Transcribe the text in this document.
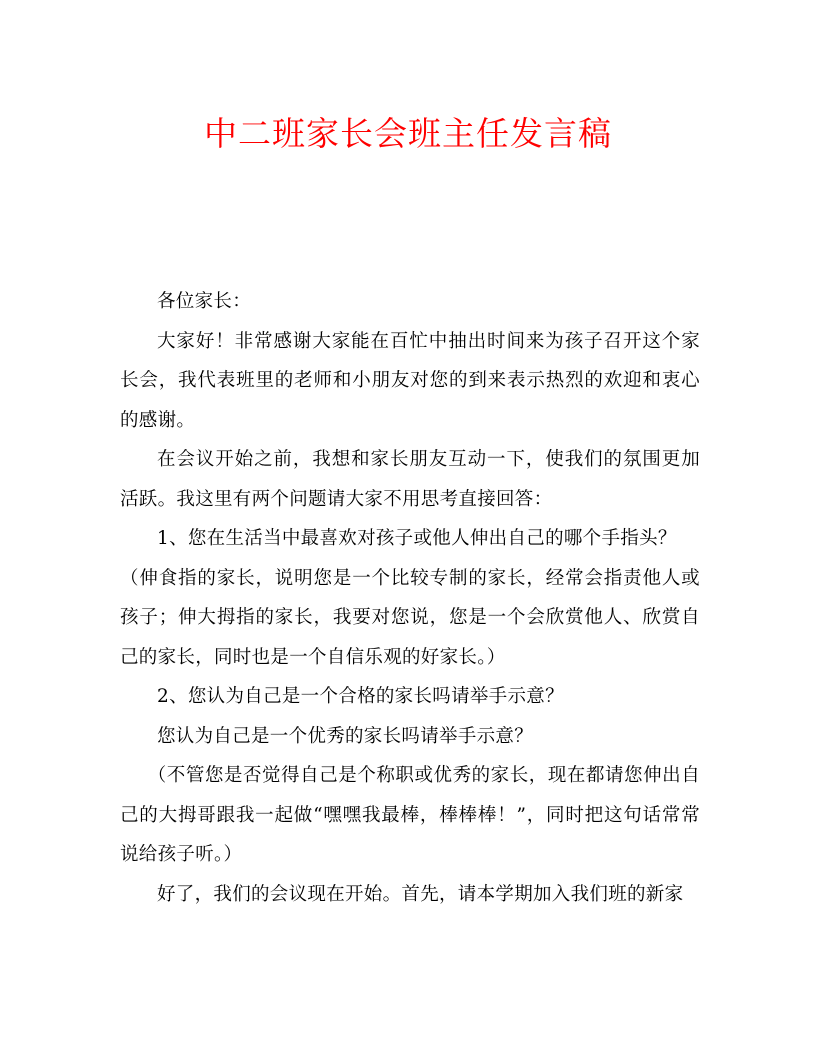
中二班家长会班主任发言稿

各位家长：

大家好！非常感谢大家能在百忙中抽出时间来为孩子召开这个家长会，我代表班里的老师和小朋友对您的到来表示热烈的欢迎和衷心的感谢。

在会议开始之前，我想和家长朋友互动一下，使我们的氛围更加活跃。我这里有两个问题请大家不用思考直接回答：

1、您在生活当中最喜欢对孩子或他人伸出自己的哪个手指头？

（伸食指的家长，说明您是一个比较专制的家长，经常会指责他人或孩子；伸大拇指的家长，我要对您说，您是一个会欣赏他人、欣赏自己的家长，同时也是一个自信乐观的好家长。）

2、您认为自己是一个合格的家长吗请举手示意？

您认为自己是一个优秀的家长吗请举手示意？

（不管您是否觉得自己是个称职或优秀的家长，现在都请您伸出自己的大拇哥跟我一起做“嘿嘿我最棒，棒棒棒！”，同时把这句话常常说给孩子听。）

好了，我们的会议现在开始。首先，请本学期加入我们班的新家
